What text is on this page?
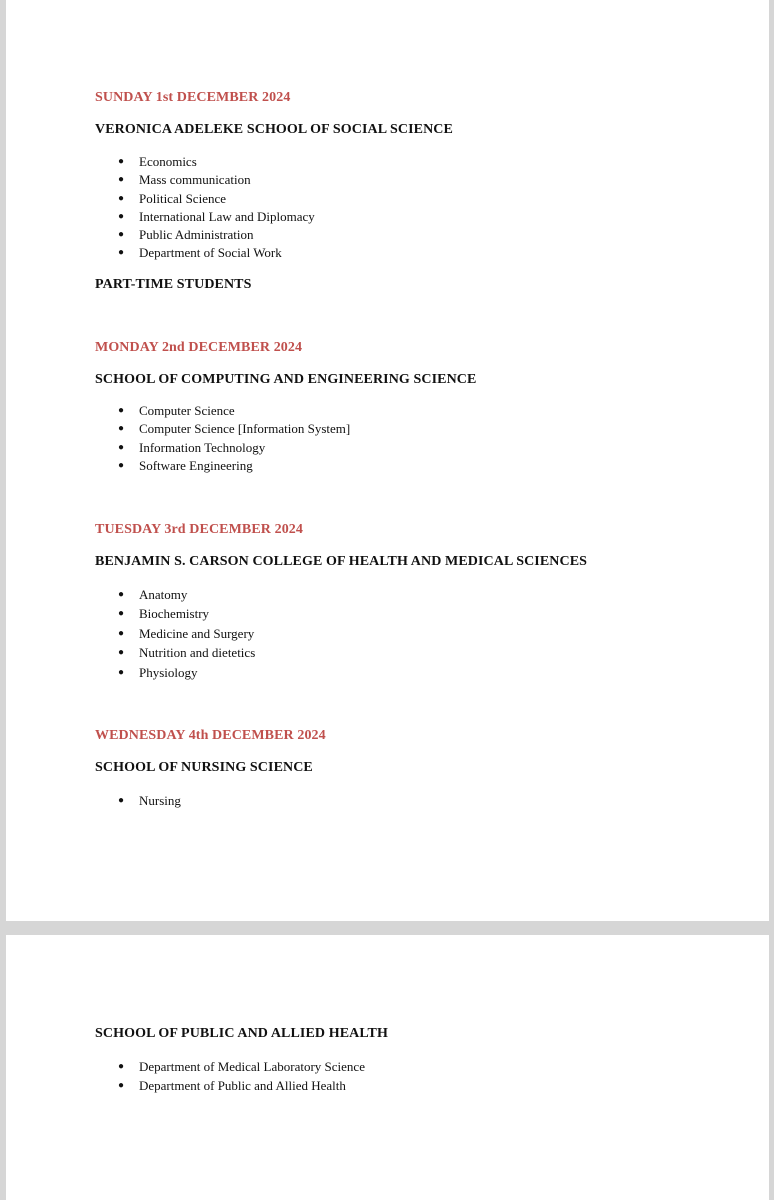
SUNDAY 1st DECEMBER 2024

VERONICA ADELEKE SCHOOL OF SOCIAL SCIENCE

● Economics
● Mass communication
● Political Science
● International Law and Diplomacy
● Public Administration
● Department of Social Work

PART-TIME STUDENTS

MONDAY 2nd DECEMBER 2024

SCHOOL OF COMPUTING AND ENGINEERING SCIENCE

● Computer Science
● Computer Science [Information System]
● Information Technology
● Software Engineering

TUESDAY 3rd DECEMBER 2024

BENJAMIN S. CARSON COLLEGE OF HEALTH AND MEDICAL SCIENCES

● Anatomy
● Biochemistry
● Medicine and Surgery
● Nutrition and dietetics
● Physiology

WEDNESDAY 4th DECEMBER 2024

SCHOOL OF NURSING SCIENCE

● Nursing

SCHOOL OF PUBLIC AND ALLIED HEALTH

● Department of Medical Laboratory Science
● Department of Public and Allied Health
